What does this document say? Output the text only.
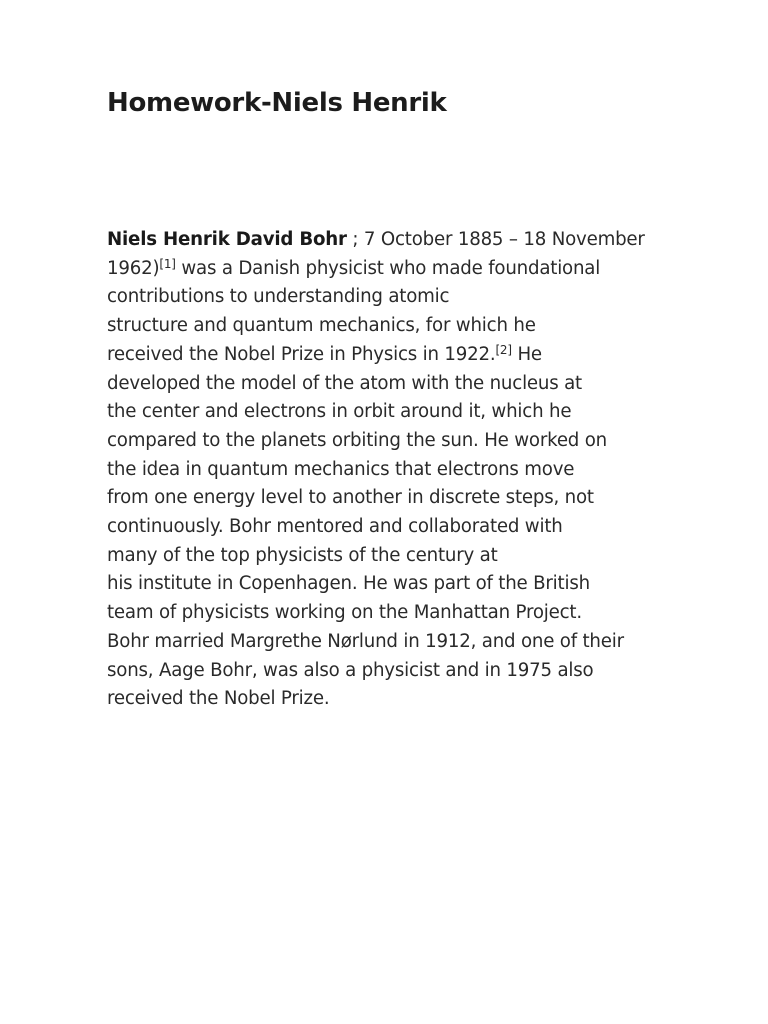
Homework-Niels Henrik
Niels Henrik David Bohr ; 7 October 1885 – 18 November
1962)[1] was a Danish physicist who made foundational
contributions to understanding atomic
structure and quantum mechanics, for which he
received the Nobel Prize in Physics in 1922.[2] He
developed the model of the atom with the nucleus at
the center and electrons in orbit around it, which he
compared to the planets orbiting the sun. He worked on
the idea in quantum mechanics that electrons move
from one energy level to another in discrete steps, not
continuously. Bohr mentored and collaborated with
many of the top physicists of the century at
his institute in Copenhagen. He was part of the British
team of physicists working on the Manhattan Project.
Bohr married Margrethe Nørlund in 1912, and one of their
sons, Aage Bohr, was also a physicist and in 1975 also
received the Nobel Prize.
